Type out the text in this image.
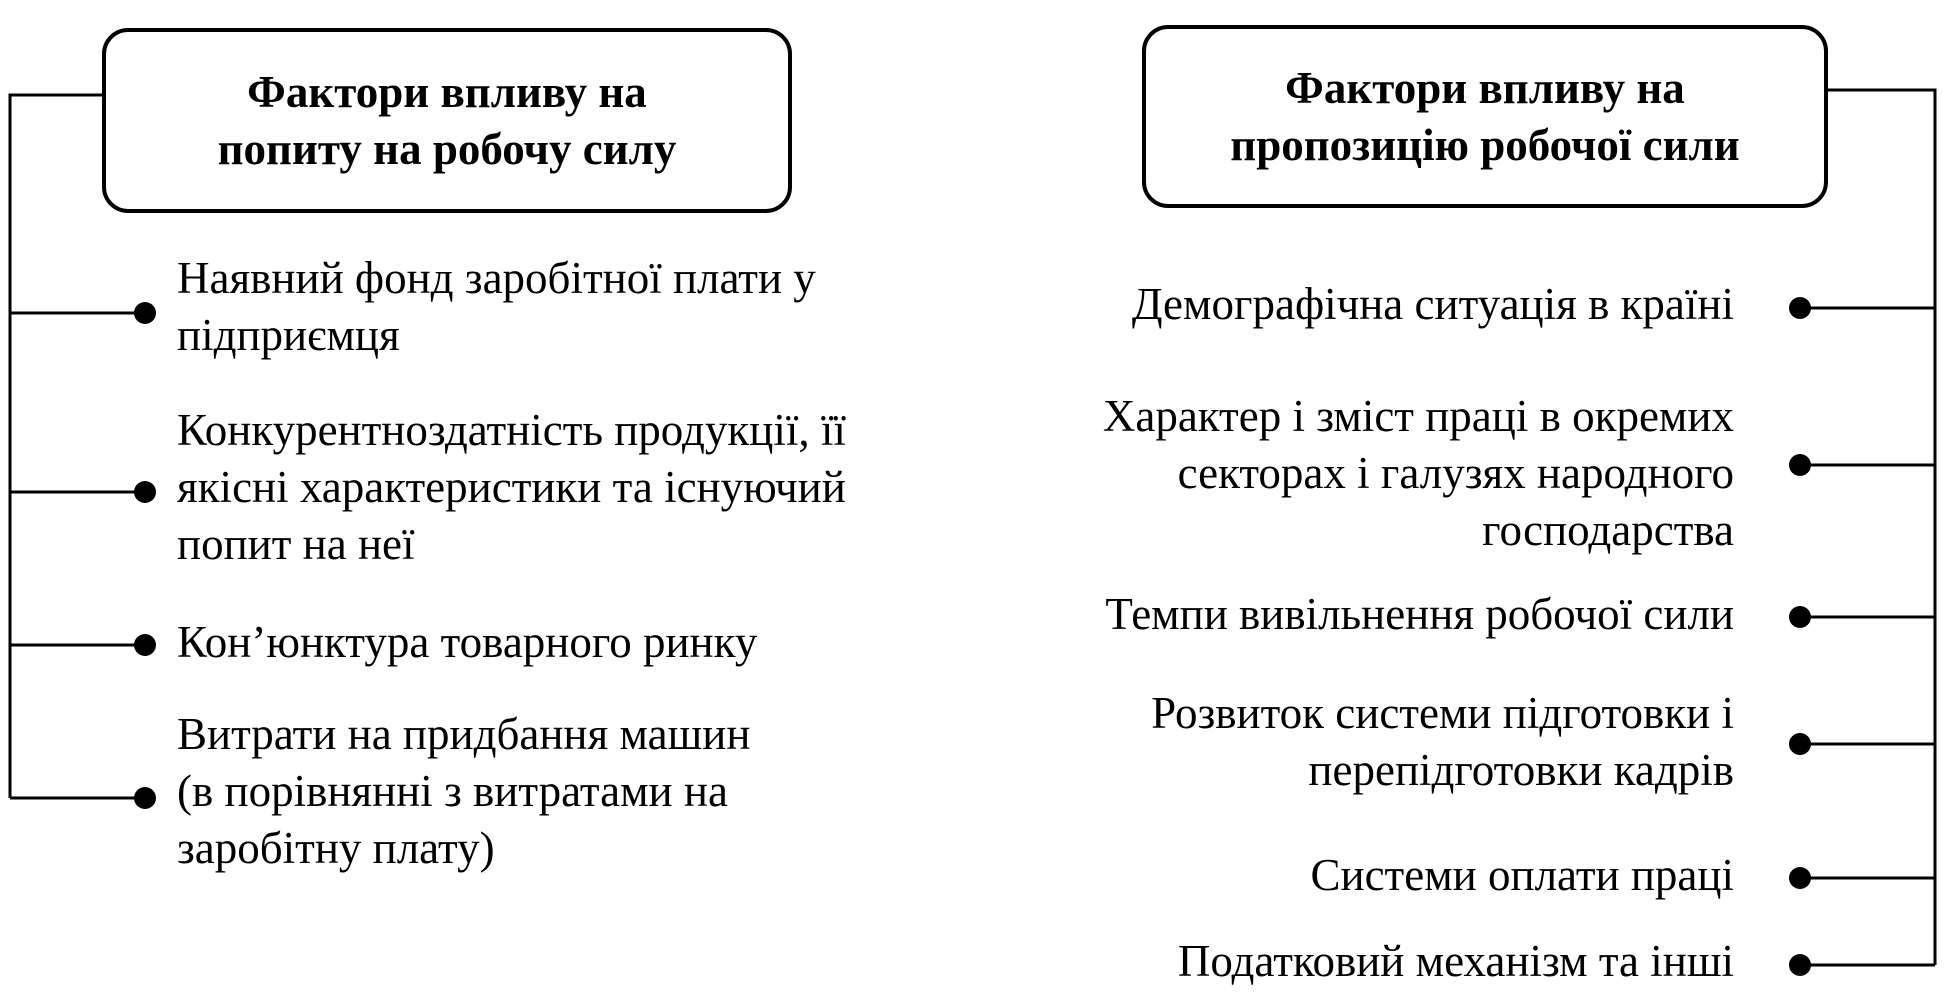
Фактори впливу на
попиту на робочу силу
Наявний фонд заробітної плати у
підприємця
Конкурентноздатність продукції, її
якісні характеристики та існуючий
попит на неї
Кон’юнктура товарного ринку
Витрати на придбання машин
(в порівнянні з витратами на
заробітну плату)
Фактори впливу на
пропозицію робочої сили
Демографічна ситуація в країні
Характер і зміст праці в окремих
секторах і галузях народного
господарства
Темпи вивільнення робочої сили
Розвиток системи підготовки і
перепідготовки кадрів
Системи оплати праці
Податковий механізм та інші
